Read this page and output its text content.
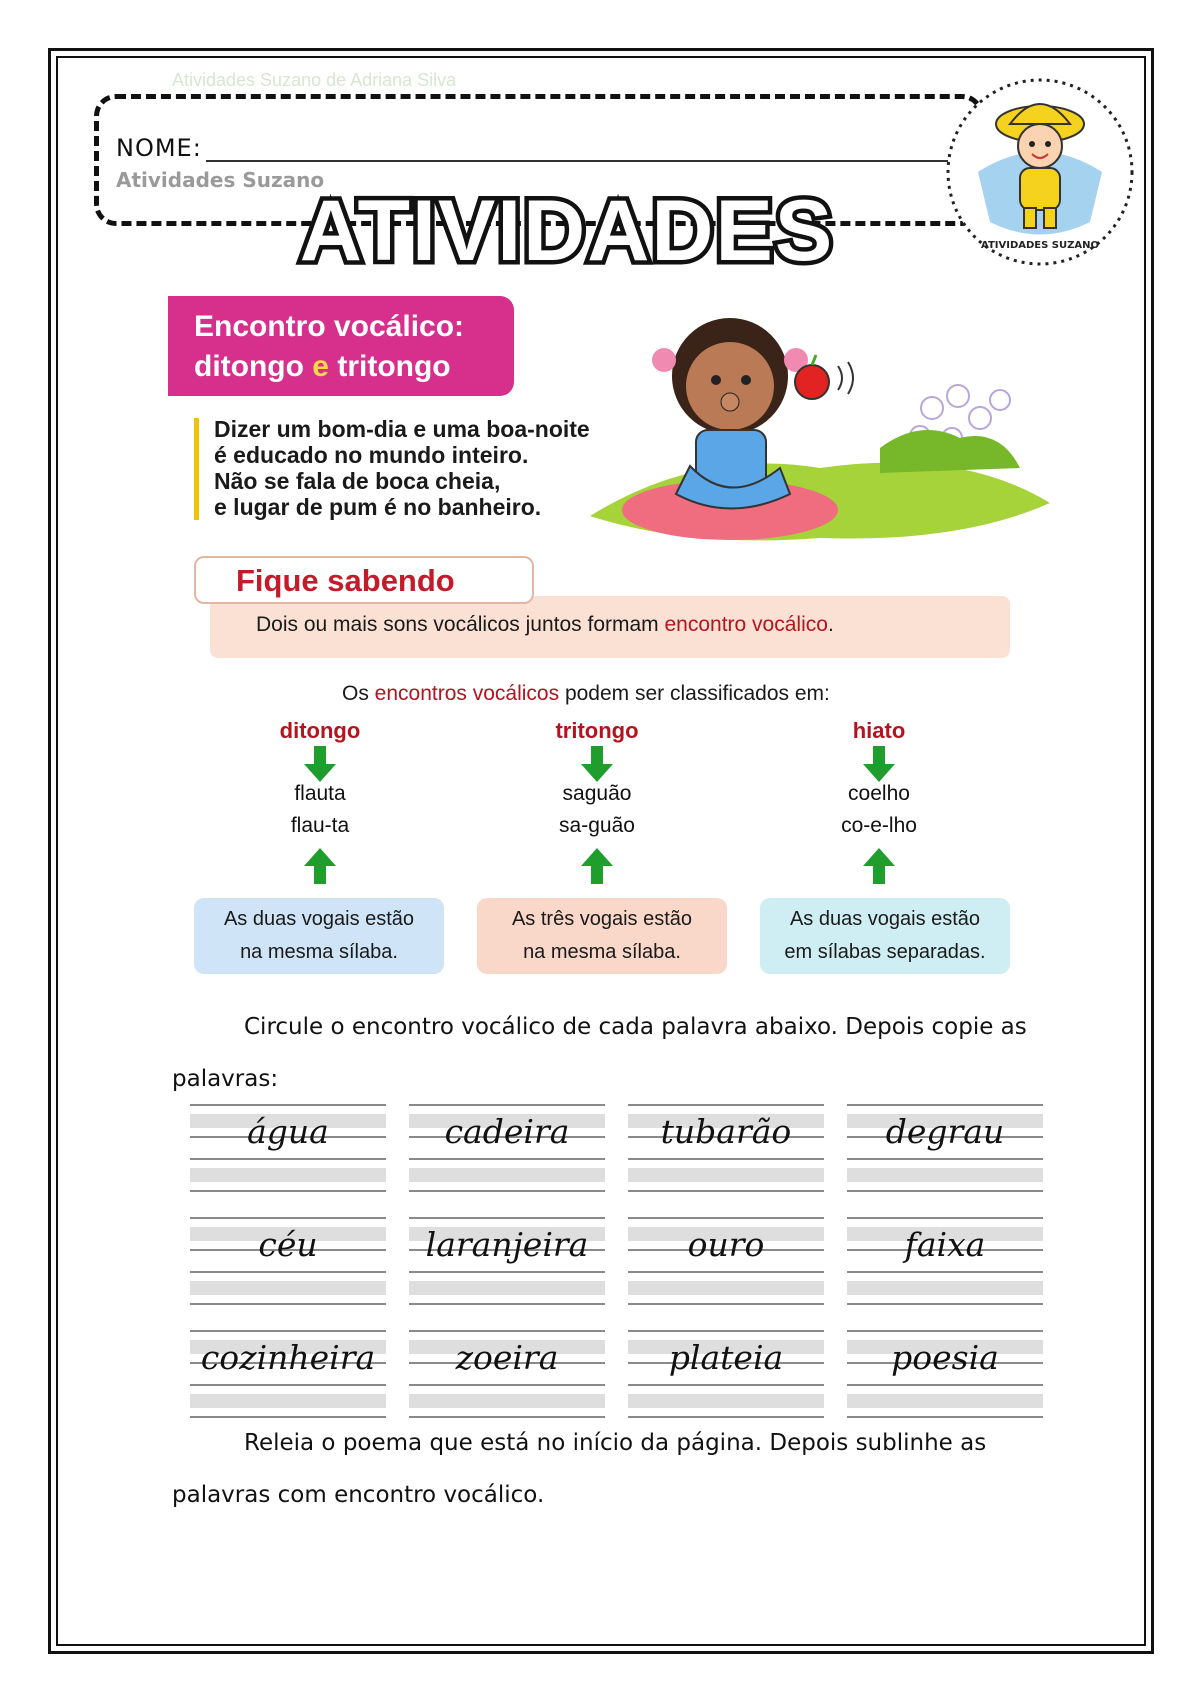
Atividades Suzano de Adriana Silva
NOME:
Atividades Suzano
ATIVIDADES	ATIVIDADES SUZANO
Encontro vocálico:
ditongo e tritongo
Dizer um bom-dia e uma boa-noite
é educado no mundo inteiro.
Não se fala de boca cheia,
e lugar de pum é no banheiro.
Dois ou mais sons vocálicos juntos formam encontro vocálico.
Fique sabendo
Os encontros vocálicos podem ser classificados em:
ditongo
flauta
flau-ta
As duas vogais estão
na mesma sílaba.
tritongo
saguão
sa-guão
As três vogais estão
na mesma sílaba.
hiato
coelho
co-e-lho
As duas vogais estão
em sílabas separadas.
Circule o encontro vocálico de cada palavra abaixo. Depois copie as
palavras:
água	cadeira	tubarão	degrau
céu	laranjeira	ouro	faixa
cozinheira	zoeira	plateia	poesia
Releia o poema que está no início da página. Depois sublinhe as
palavras com encontro vocálico.
